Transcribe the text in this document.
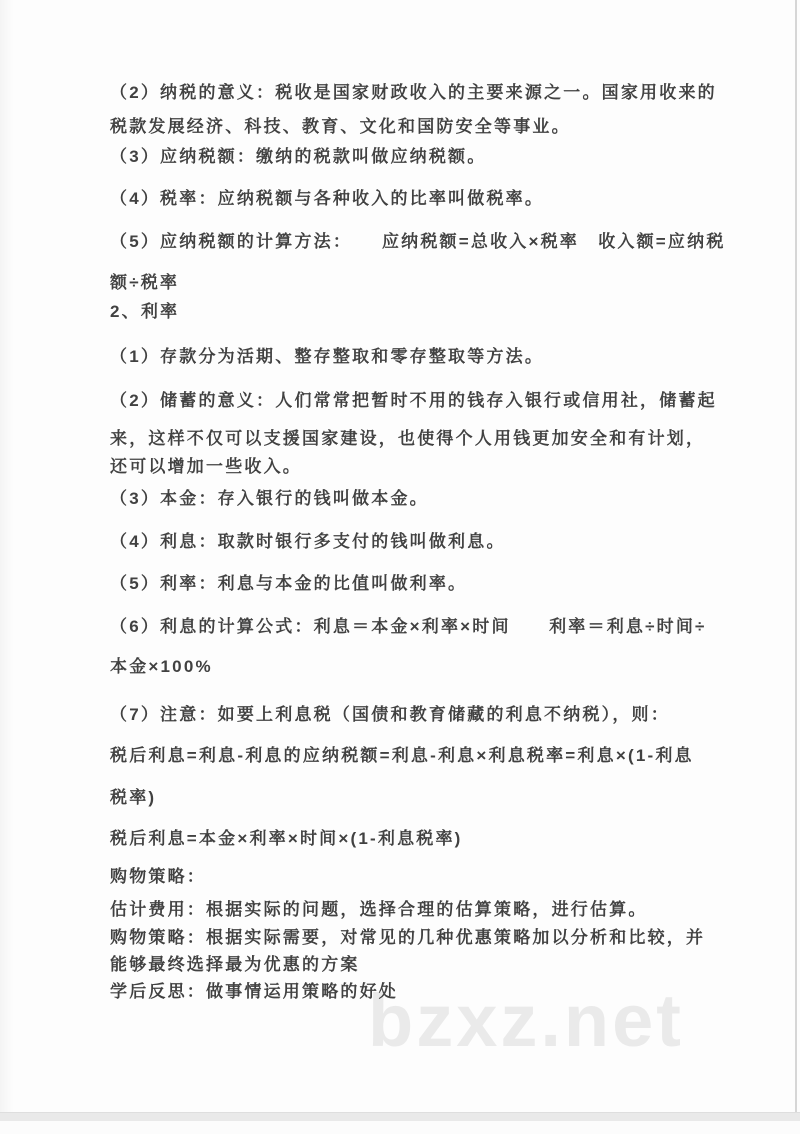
bzxz.net
（2）纳税的意义：税收是国家财政收入的主要来源之一。国家用收来的
税款发展经济、科技、教育、文化和国防安全等事业。
（3）应纳税额：缴纳的税款叫做应纳税额。
（4）税率：应纳税额与各种收入的比率叫做税率。
（5）应纳税额的计算方法：　　应纳税额=总收入×税率　收入额=应纳税
额÷税率
2、利率
（1）存款分为活期、整存整取和零存整取等方法。
（2）储蓄的意义：人们常常把暂时不用的钱存入银行或信用社，储蓄起
来，这样不仅可以支援国家建设，也使得个人用钱更加安全和有计划，
还可以增加一些收入。
（3）本金：存入银行的钱叫做本金。
（4）利息：取款时银行多支付的钱叫做利息。
（5）利率：利息与本金的比值叫做利率。
（6）利息的计算公式：利息＝本金×利率×时间　　利率＝利息÷时间÷
本金×100%
（7）注意：如要上利息税（国债和教育储藏的利息不纳税），则：
税后利息=利息-利息的应纳税额=利息-利息×利息税率=利息×(1-利息
税率)
税后利息=本金×利率×时间×(1-利息税率)
购物策略：
估计费用：根据实际的问题，选择合理的估算策略，进行估算。
购物策略：根据实际需要，对常见的几种优惠策略加以分析和比较，并
能够最终选择最为优惠的方案
学后反思：做事情运用策略的好处
